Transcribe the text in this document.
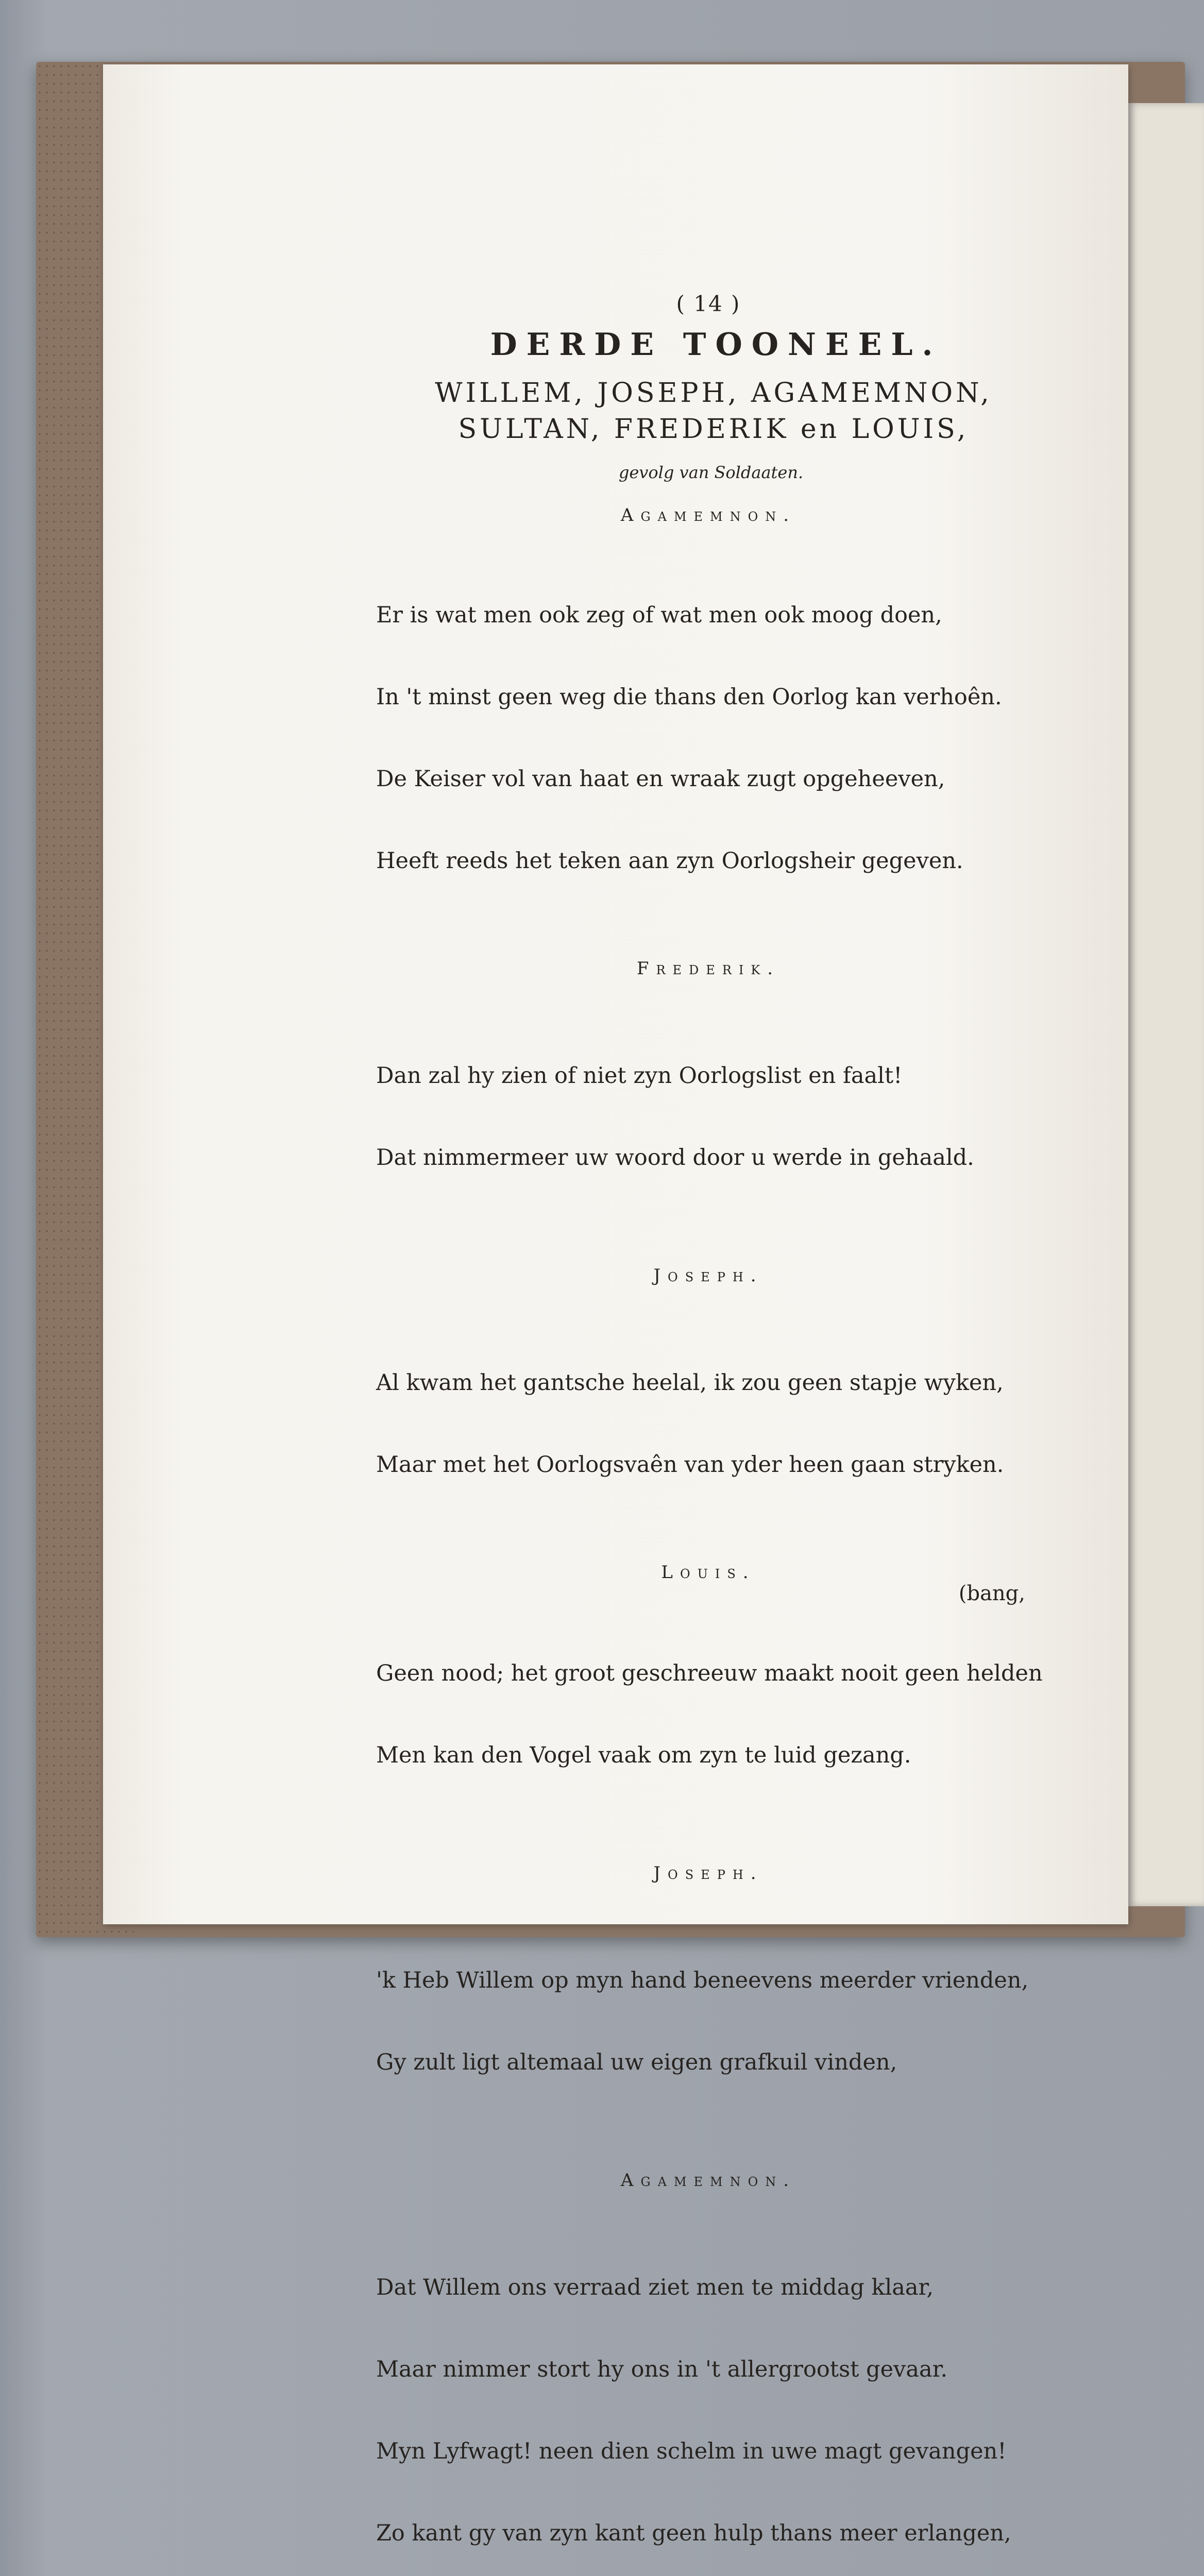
( 14 )
DERDE TOONEEL.
WILLEM, JOSEPH, AGAMEMNON,
SULTAN, FREDERIK en LOUIS,
gevolg van Soldaaten.
Agamemnon.

Er is wat men ook zeg of wat men ook moog doen,

In 't minst geen weg die thans den Oorlog kan verhoên.

De Keiser vol van haat en wraak zugt opgeheeven,

Heeft reeds het teken aan zyn Oorlogsheir gegeven.

Frederik.

Dan zal hy zien of niet zyn Oorlogslist en faalt!

Dat nimmermeer uw woord door u werde in gehaald.

Joseph.

Al kwam het gantsche heelal, ik zou geen stapje wyken,

Maar met het Oorlogsvaên van yder heen gaan stryken.

Louis.
(bang,

Geen nood; het groot geschreeuw maakt nooit geen helden

Men kan den Vogel vaak om zyn te luid gezang.

Joseph.

'k Heb Willem op myn hand beneevens meerder vrienden,

Gy zult ligt altemaal uw eigen grafkuil vinden,

Agamemnon.

Dat Willem ons verraad ziet men te middag klaar,

Maar nimmer stort hy ons in 't allergrootst gevaar.

Myn Lyfwagt! neen dien schelm in uwe magt gevangen!

Zo kant gy van zyn kant geen hulp thans meer erlangen,
